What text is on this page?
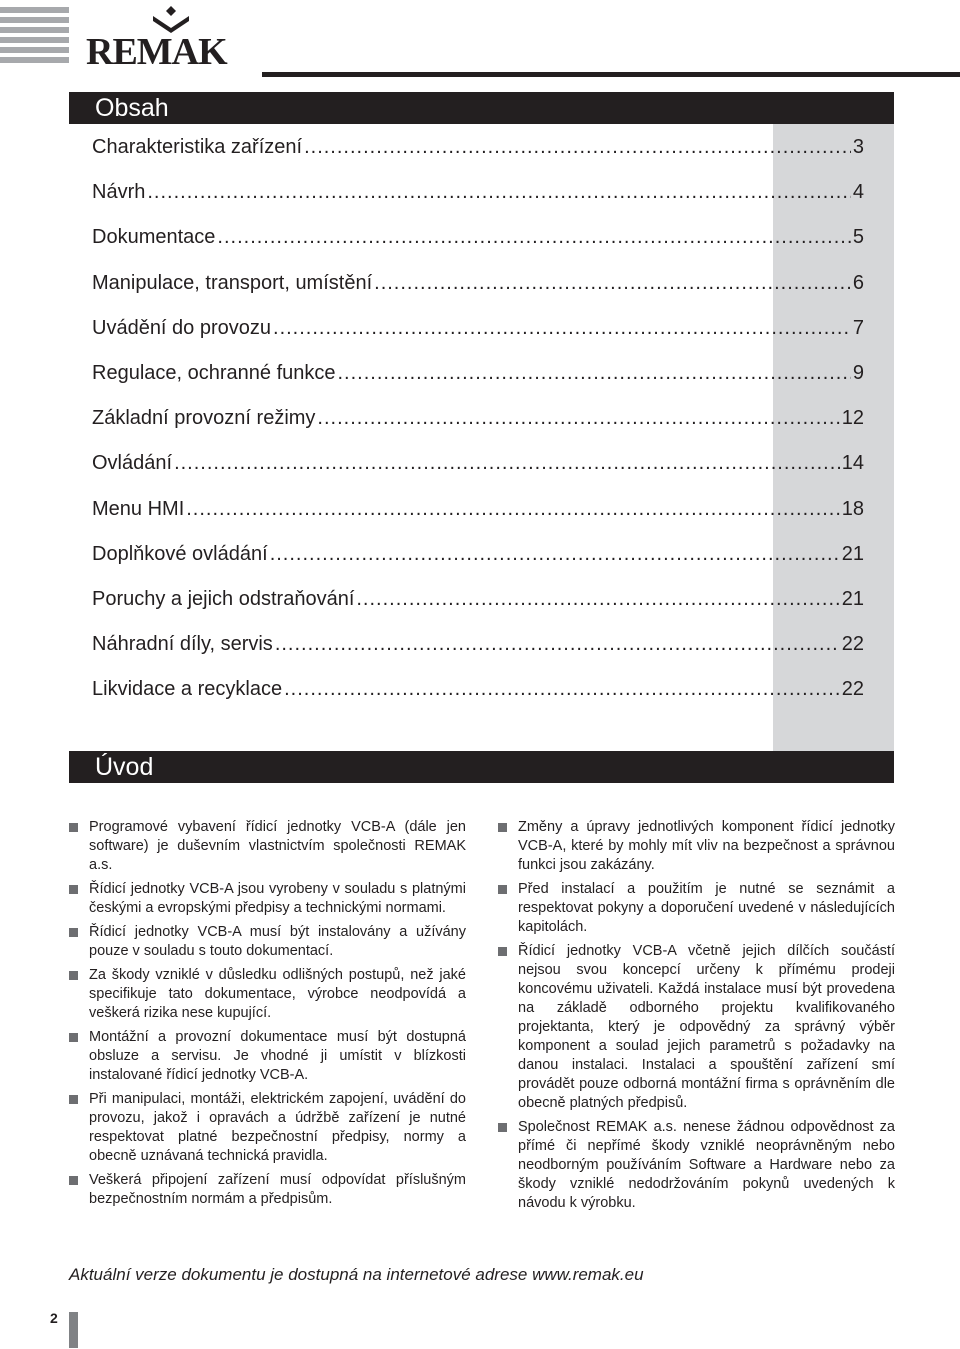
REMAK
Obsah
Charakteristika zařízení .....	3
Návrh .....	4
Dokumentace .....	5
Manipulace, transport, umístění .....	6
Uvádění do provozu .....	7
Regulace, ochranné funkce .....	9
Základní provozní režimy .....	12
Ovládání .....	14
Menu HMI .....	18
Doplňkové ovládání .....	21
Poruchy a jejich odstraňování .....	21
Náhradní díly, servis .....	22
Likvidace a recyklace .....	22
Úvod
Programové vybavení řídicí jednotky VCB-A (dále jen software) je duševním vlastnictvím společnosti REMAK a.s.
Řídicí jednotky VCB-A jsou vyrobeny v souladu s platnými českými a evropskými předpisy a technickými normami.
Řídicí jednotky VCB-A musí být instalovány a užívány pouze v souladu s touto dokumentací.
Za škody vzniklé v důsledku odlišných postupů, než jaké specifikuje tato dokumentace, výrobce neodpovídá a veškerá rizika nese kupující.
Montážní a provozní dokumentace musí být dostupná obsluze a servisu. Je vhodné ji umístit v blízkosti instalované řídicí jednotky VCB-A.
Při manipulaci, montáži, elektrickém zapojení, uvádění do provozu, jakož i opravách a údržbě zařízení je nutné respektovat platné bezpečnostní předpisy, normy a obecně uznávaná technická pravidla.
Veškerá připojení zařízení musí odpovídat příslušným bezpečnostním normám a předpisům.
Změny a úpravy jednotlivých komponent řídicí jednotky VCB-A, které by mohly mít vliv na bezpečnost a správnou funkci jsou zakázány.
Před instalací a použitím je nutné se seznámit a respektovat pokyny a doporučení uvedené v následujících kapitolách.
Řídicí jednotky VCB-A včetně jejich dílčích součástí nejsou svou koncepcí určeny k přímému prodeji koncovému uživateli. Každá instalace musí být provedena na základě odborného projektu kvalifikovaného projektanta, který je odpovědný za správný výběr komponent a soulad jejich parametrů s požadavky na danou instalaci. Instalaci a spouštění zařízení smí provádět pouze odborná montážní firma s oprávněním dle obecně platných předpisů.
Společnost REMAK a.s. nenese žádnou odpovědnost za přímé či nepřímé škody vzniklé neoprávněným nebo neodborným používáním Software a Hardware nebo za škody vzniklé nedodržováním pokynů uvedených k návodu k výrobku.
Aktuální verze dokumentu je dostupná na internetové adrese www.remak.eu
2
